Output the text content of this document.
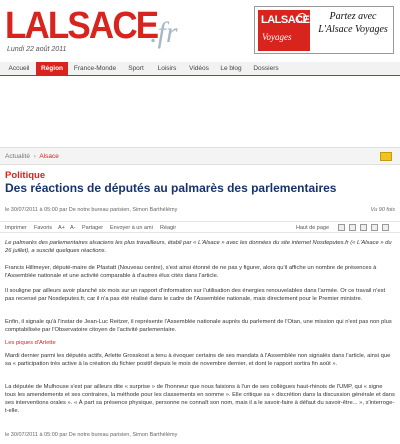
LALSACE
.fr
Lundi 22 août 2011
LALSACE
Voyages
Partez avec L'Alsace Voyages
Accueil	Région	France-Monde	Sport	Loisirs	Vidéos	Le blog	Dossiers
Actualité › Alsace
Politique
Des réactions de députés au palmarès des parlementaires
le 30/07/2011 à 05:00 par De notre bureau parisien, Simon Barthélémy	Vu 90 fois
Imprimer Favoris A+ A- Partager Envoyer à un ami Réagir	Haut de page
Le palmarès des parlementaires alsaciens les plus travailleurs, établi par « L'Alsace » avec les données du site internet Nosdeputes.fr (« L'Alsace » du 26 juillet), a suscité quelques réactions.
Francis Hillmeyer, député-maire de Pfastatt (Nouveau centre), s'est ainsi étonné de ne pas y figurer, alors qu'il affiche un nombre de présences à l'Assemblée nationale et une activité comparable à d'autres élus cités dans l'article.
Il souligne par ailleurs avoir planché six mois sur un rapport d'information sur l'utilisation des énergies renouvelables dans l'armée. Or ce travail n'est pas recensé par Nosdeputes.fr, car il n'a pas été réalisé dans le cadre de l'Assemblée nationale, mais directement pour le Premier ministre.
Enfin, il signale qu'à l'instar de Jean-Luc Reitzer, il représente l'Assemblée nationale auprès du parlement de l'Otan, une mission qui n'est pas non plus comptabilisée par l'Observatoire citoyen de l'activité parlementaire.
Les piques d'Arlette
Mardi dernier parmi les députés actifs, Arlette Grosskost a tenu à évoquer certains de ses mandats à l'Assemblée non signalés dans l'article, ainsi que sa « participation très active à la création du fichier positif depuis le mois de novembre dernier, et dont le rapport sortira fin août ».
La députée de Mulhouse s'est par ailleurs dite « surprise » de l'honneur que nous faisions à l'un de ses collègues haut-rhinois de l'UMP, qui « signe tous les amendements et ses contraires, la méthode pour les classements en somme ». Elle critique sa « discrétion dans la discussion générale et dans ses interventions orales ». « À part sa présence physique, personne ne connaît son nom, mais il a le savoir-faire à défaut du savoir-être... », s'interroge-t-elle.
le 30/07/2011 à 05:00 par De notre bureau parisien, Simon Barthélémy
